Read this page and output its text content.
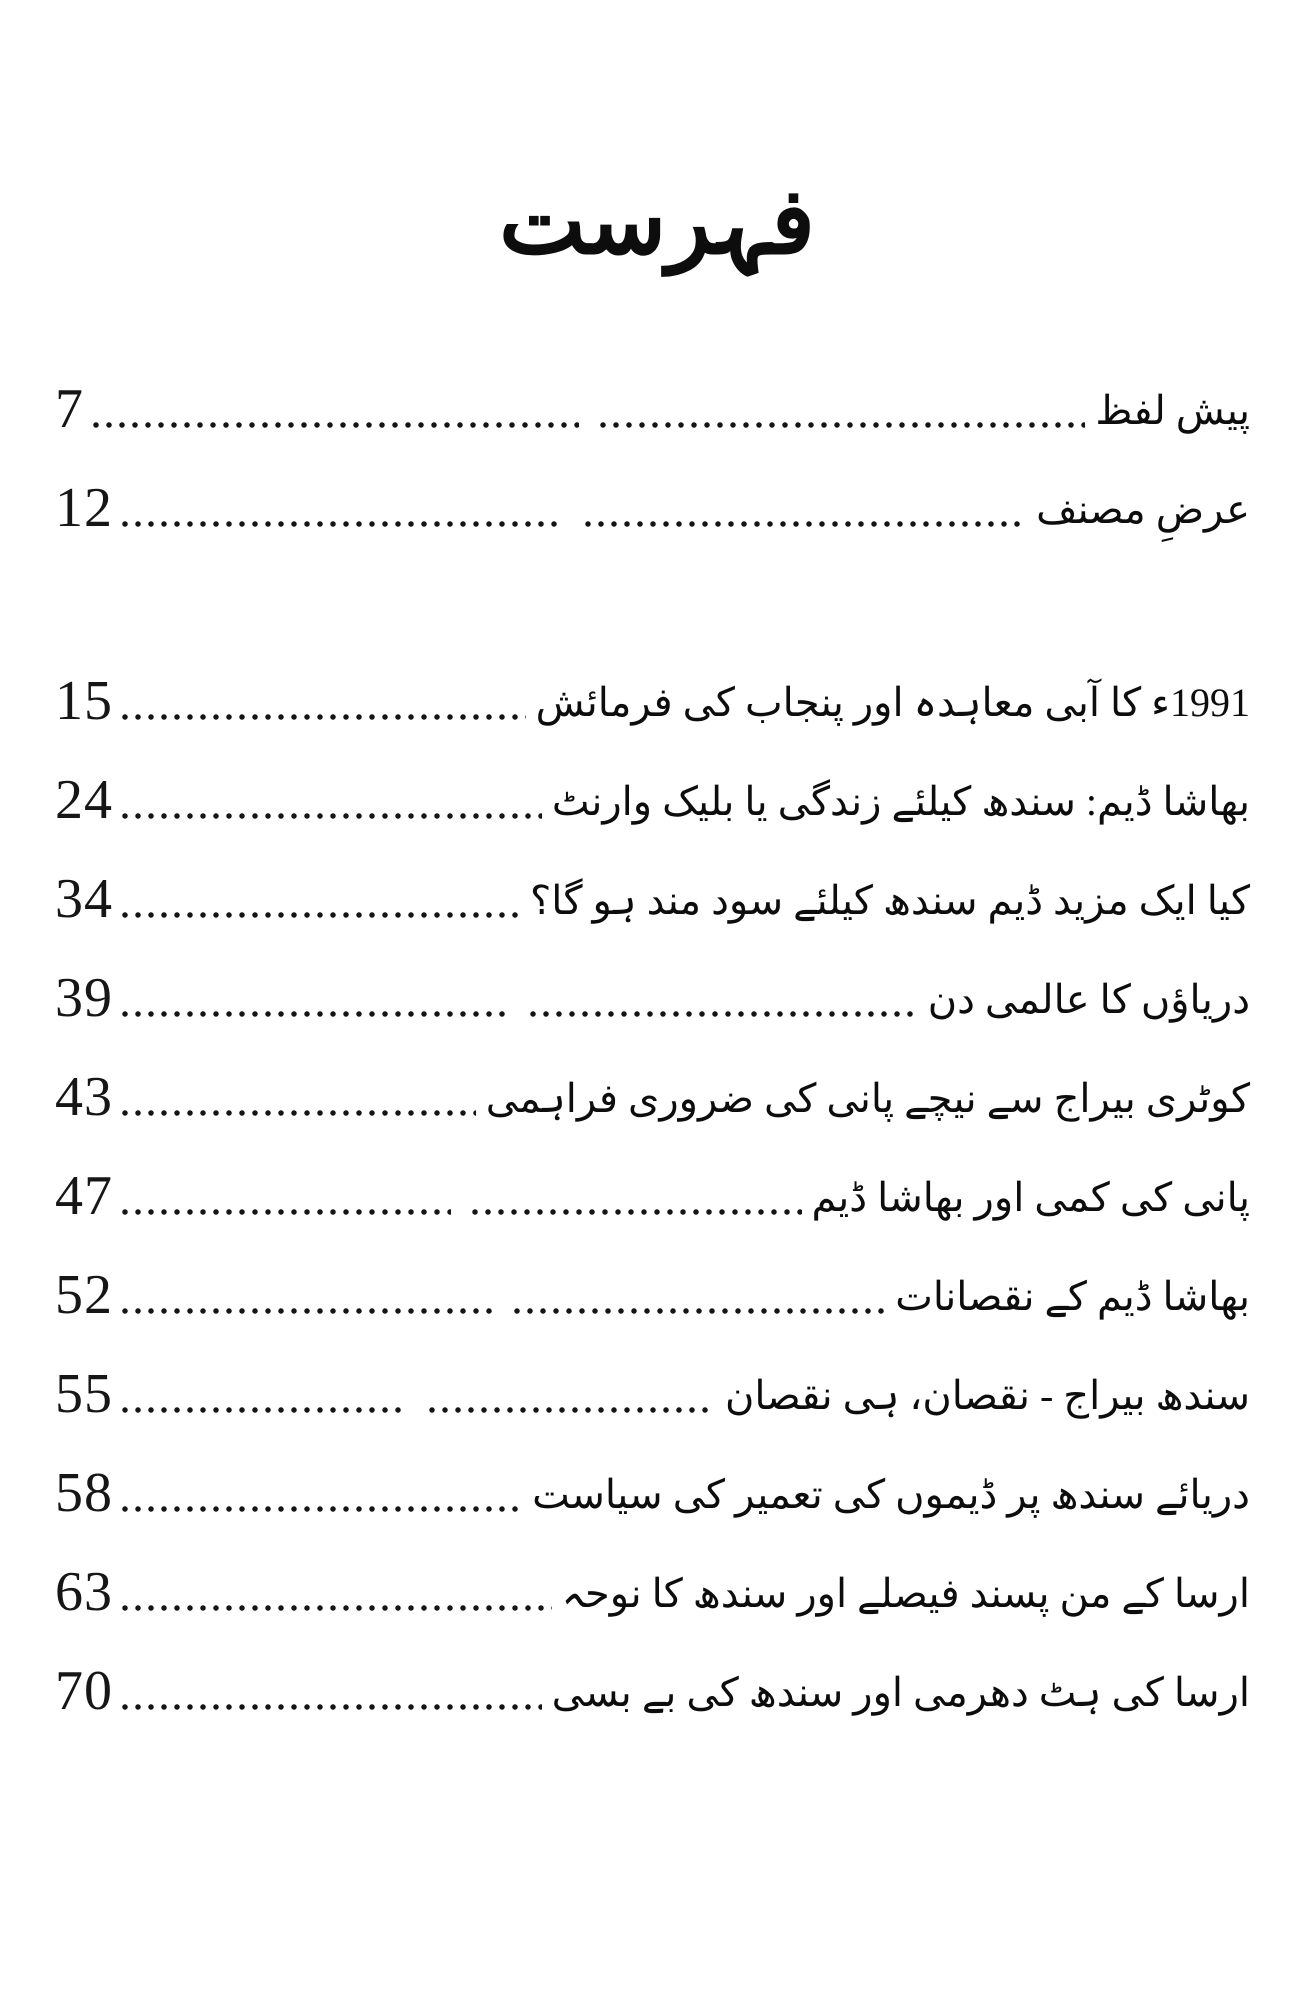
فہرست
پیش لفظ
7
عرضِ مصنف
12
1991ء کا آبی معاہدہ اور پنجاب کی فرمائش
15
بھاشا ڈیم: سندھ کیلئے زندگی یا بلیک وارنٹ
24
کیا ایک مزید ڈیم سندھ کیلئے سود مند ہو گا؟
34
دریاؤں کا عالمی دن
39
کوٹری بیراج سے نیچے پانی کی ضروری فراہمی
43
پانی کی کمی اور بھاشا ڈیم
47
بھاشا ڈیم کے نقصانات
52
سندھ بیراج - نقصان، ہی نقصان
55
دریائے سندھ پر ڈیموں کی تعمیر کی سیاست
58
ارسا کے من پسند فیصلے اور سندھ کا نوحہ
63
ارسا کی ہٹ دھرمی اور سندھ کی بے بسی
70
